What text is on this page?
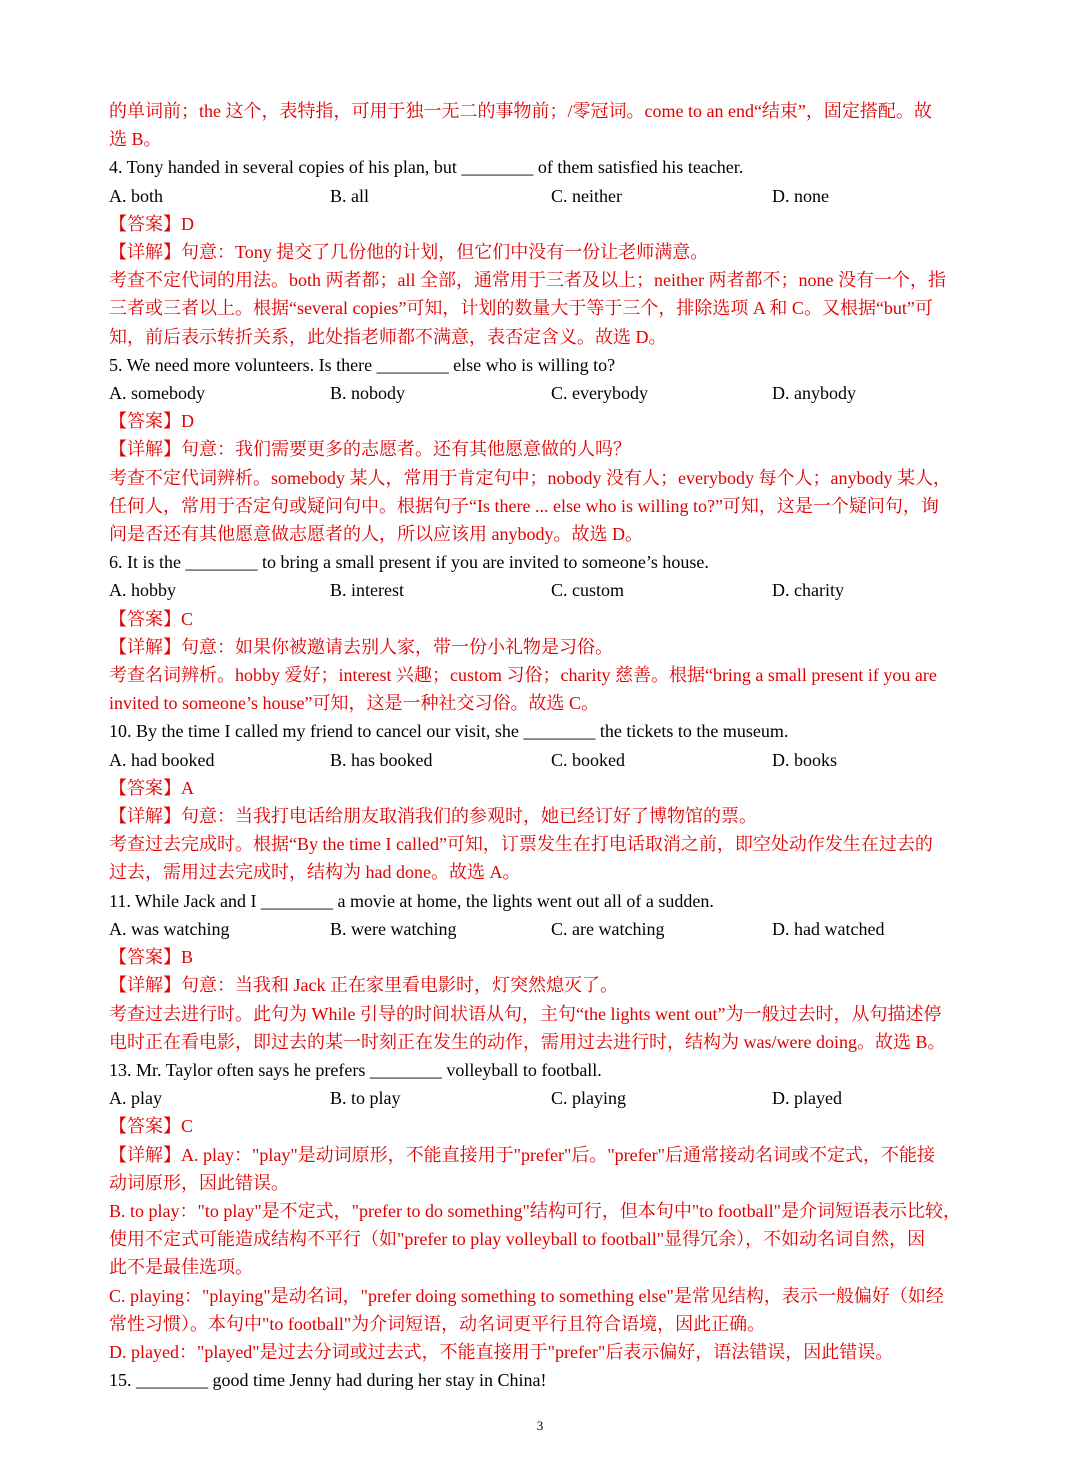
的单词前；the 这个，表特指，可用于独一无二的事物前；/零冠词。come to an end“结束”，固定搭配。故

选 B。

4. Tony handed in several copies of his plan, but ________ of them satisfied his teacher.

A. both	B. all	C. neither	D. none

【答案】D

【详解】句意：Tony 提交了几份他的计划，但它们中没有一份让老师满意。

考查不定代词的用法。both 两者都；all 全部，通常用于三者及以上；neither 两者都不；none 没有一个，指

三者或三者以上。根据“several copies”可知，计划的数量大于等于三个，排除选项 A 和 C。又根据“but”可

知，前后表示转折关系，此处指老师都不满意，表否定含义。故选 D。

5. We need more volunteers. Is there ________ else who is willing to?

A. somebody	B. nobody	C. everybody	D. anybody

【答案】D

【详解】句意：我们需要更多的志愿者。还有其他愿意做的人吗？

考查不定代词辨析。somebody 某人，常用于肯定句中；nobody 没有人；everybody 每个人；anybody 某人，

任何人，常用于否定句或疑问句中。根据句子“Is there ... else who is willing to?”可知，这是一个疑问句，询

问是否还有其他愿意做志愿者的人，所以应该用 anybody。故选 D。

6. It is the ________ to bring a small present if you are invited to someone’s house.

A. hobby	B. interest	C. custom	D. charity

【答案】C

【详解】句意：如果你被邀请去别人家，带一份小礼物是习俗。

考查名词辨析。hobby 爱好；interest 兴趣；custom 习俗；charity 慈善。根据“bring a small present if you are

invited to someone’s house”可知，这是一种社交习俗。故选 C。

10. By the time I called my friend to cancel our visit, she ________ the tickets to the museum.

A. had booked	B. has booked	C. booked	D. books

【答案】A

【详解】句意：当我打电话给朋友取消我们的参观时，她已经订好了博物馆的票。

考查过去完成时。根据“By the time I called”可知，订票发生在打电话取消之前，即空处动作发生在过去的

过去，需用过去完成时，结构为 had done。故选 A。

11. While Jack and I ________ a movie at home, the lights went out all of a sudden.

A. was watching	B. were watching	C. are watching	D. had watched

【答案】B

【详解】句意：当我和 Jack 正在家里看电影时，灯突然熄灭了。

考查过去进行时。此句为 While 引导的时间状语从句，主句“the lights went out”为一般过去时，从句描述停

电时正在看电影，即过去的某一时刻正在发生的动作，需用过去进行时，结构为 was/were doing。故选 B。

13. Mr. Taylor often says he prefers ________ volleyball to football.

A. play	B. to play	C. playing	D. played

【答案】C

【详解】A. play："play"是动词原形，不能直接用于"prefer"后。"prefer"后通常接动名词或不定式，不能接

动词原形，因此错误。

B. to play："to play"是不定式，"prefer to do something"结构可行，但本句中"to football"是介词短语表示比较，

使用不定式可能造成结构不平行（如"prefer to play volleyball to football"显得冗余），不如动名词自然，因

此不是最佳选项。

C. playing："playing"是动名词，"prefer doing something to something else"是常见结构，表示一般偏好（如经

常性习惯）。本句中"to football"为介词短语，动名词更平行且符合语境，因此正确。

D. played："played"是过去分词或过去式，不能直接用于"prefer"后表示偏好，语法错误，因此错误。

15. ________ good time Jenny had during her stay in China!

3
